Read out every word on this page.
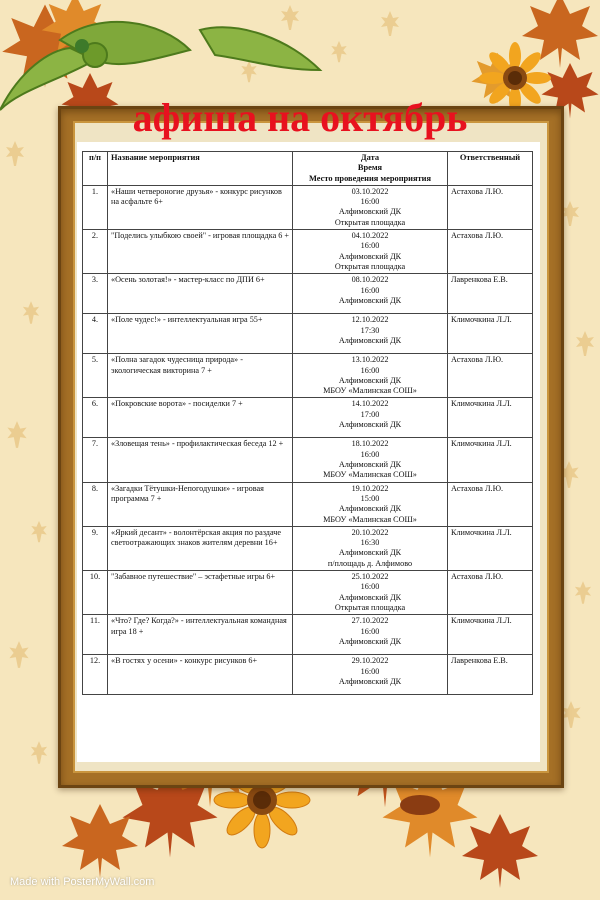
афиша на октябрь
п/п	Название мероприятия	Дата
Время
Место проведения мероприятия	Ответственный
1.	«Наши четвероногие друзья» - конкурс рисунков на асфальте 6+	03.10.2022
16:00
Алфимовский ДК
Открытая площадка	Астахова Л.Ю.
2.	"Поделись улыбкою своей" - игровая площадка 6 +	04.10.2022
16:00
Алфимовский ДК
Открытая площадка	Астахова Л.Ю.
3.	«Осень золотая!» - мастер-класс по ДПИ 6+	08.10.2022
16:00
Алфимовский ДК	Лавренкова Е.В.
4.	«Поле чудес!» - интеллектуальная игра 55+	12.10.2022
17:30
Алфимовский ДК	Климочкина Л.Л.
5.	«Полна загадок чудесница природа» - экологическая викторина 7 +	13.10.2022
16:00
Алфимовский ДК
МБОУ «Малинская СОШ»	Астахова Л.Ю.
6.	«Покровские ворота» - посиделки 7 +	14.10.2022
17:00
Алфимовский ДК	Климочкина Л.Л.
7.	«Зловещая тень» - профилактическая беседа 12 +	18.10.2022
16:00
Алфимовский ДК
МБОУ «Малинская СОШ»	Климочкина Л.Л.
8.	«Загадки Тётушки-Непогодушки» - игровая программа 7 +	19.10.2022
15:00
Алфимовский ДК
МБОУ «Малинская СОШ»	Астахова Л.Ю.
9.	«Яркий десант» - волонтёрская акция по раздаче светоотражающих знаков жителям деревни 16+	20.10.2022
16:30
Алфимовский ДК
п/площадь д. Алфимово	Климочкина Л.Л.
10.	"Забавное путешествие" – эстафетные игры 6+	25.10.2022
16:00
Алфимовский ДК
Открытая площадка	Астахова Л.Ю.
11.	«Что? Где? Когда?» - интеллектуальная командная игра 18 +	27.10.2022
16:00
Алфимовский ДК	Климочкина Л.Л.
12.	«В гостях у осени» - конкурс рисунков 6+	29.10.2022
16:00
Алфимовский ДК	Лавренкова Е.В.
Made with PosterMyWall.com
